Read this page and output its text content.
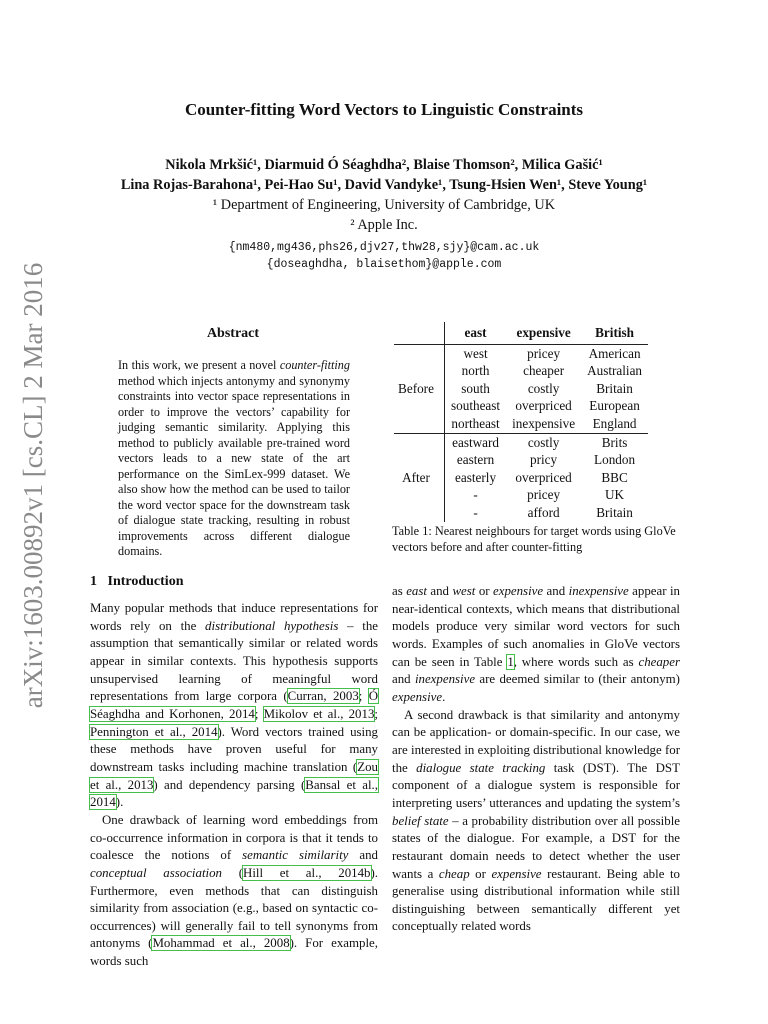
arXiv:1603.00892v1 [cs.CL] 2 Mar 2016
Counter-fitting Word Vectors to Linguistic Constraints
Nikola Mrkšić¹, Diarmuid Ó Séaghdha², Blaise Thomson², Milica Gašić¹
Lina Rojas-Barahona¹, Pei-Hao Su¹, David Vandyke¹, Tsung-Hsien Wen¹, Steve Young¹
¹ Department of Engineering, University of Cambridge, UK
² Apple Inc.
{nm480,mg436,phs26,djv27,thw28,sjy}@cam.ac.uk
{doseaghdha, blaisethom}@apple.com
Abstract

In this work, we present a novel counter-fitting method which injects antonymy and synonymy constraints into vector space representations in order to improve the vectors’ capability for judging semantic similarity. Applying this method to publicly available pre-trained word vectors leads to a new state of the art performance on the SimLex-999 dataset. We also show how the method can be used to tailor the word vector space for the downstream task of dialogue state tracking, resulting in robust improvements across different dialogue domains.

	east	expensive	British
Before	west	pricey	American
	north	cheaper	Australian
	south	costly	Britain
	southeast	overpriced	European
	northeast	inexpensive	England
After	eastward	costly	Brits
	eastern	pricy	London
	easterly	overpriced	BBC
	-	pricey	UK
	-	afford	Britain

Table 1: Nearest neighbours for target words using GloVe vectors before and after counter-fitting

1 Introduction

Many popular methods that induce representations for words rely on the distributional hypothesis – the assumption that semantically similar or related words appear in similar contexts. This hypothesis supports unsupervised learning of meaningful word representations from large corpora (Curran, 2003; Ó Séaghdha and Korhonen, 2014; Mikolov et al., 2013; Pennington et al., 2014). Word vectors trained using these methods have proven useful for many downstream tasks including machine translation (Zou et al., 2013) and dependency parsing (Bansal et al., 2014).

One drawback of learning word embeddings from co-occurrence information in corpora is that it tends to coalesce the notions of semantic similarity and conceptual association (Hill et al., 2014b). Furthermore, even methods that can distinguish similarity from association (e.g., based on syntactic co-occurrences) will generally fail to tell synonyms from antonyms (Mohammad et al., 2008). For example, words such

as east and west or expensive and inexpensive appear in near-identical contexts, which means that distributional models produce very similar word vectors for such words. Examples of such anomalies in GloVe vectors can be seen in Table 1, where words such as cheaper and inexpensive are deemed similar to (their antonym) expensive.

A second drawback is that similarity and antonymy can be application- or domain-specific. In our case, we are interested in exploiting distributional knowledge for the dialogue state tracking task (DST). The DST component of a dialogue system is responsible for interpreting users’ utterances and updating the system’s belief state – a probability distribution over all possible states of the dialogue. For example, a DST for the restaurant domain needs to detect whether the user wants a cheap or expensive restaurant. Being able to generalise using distributional information while still distinguishing between semantically different yet conceptually related words
